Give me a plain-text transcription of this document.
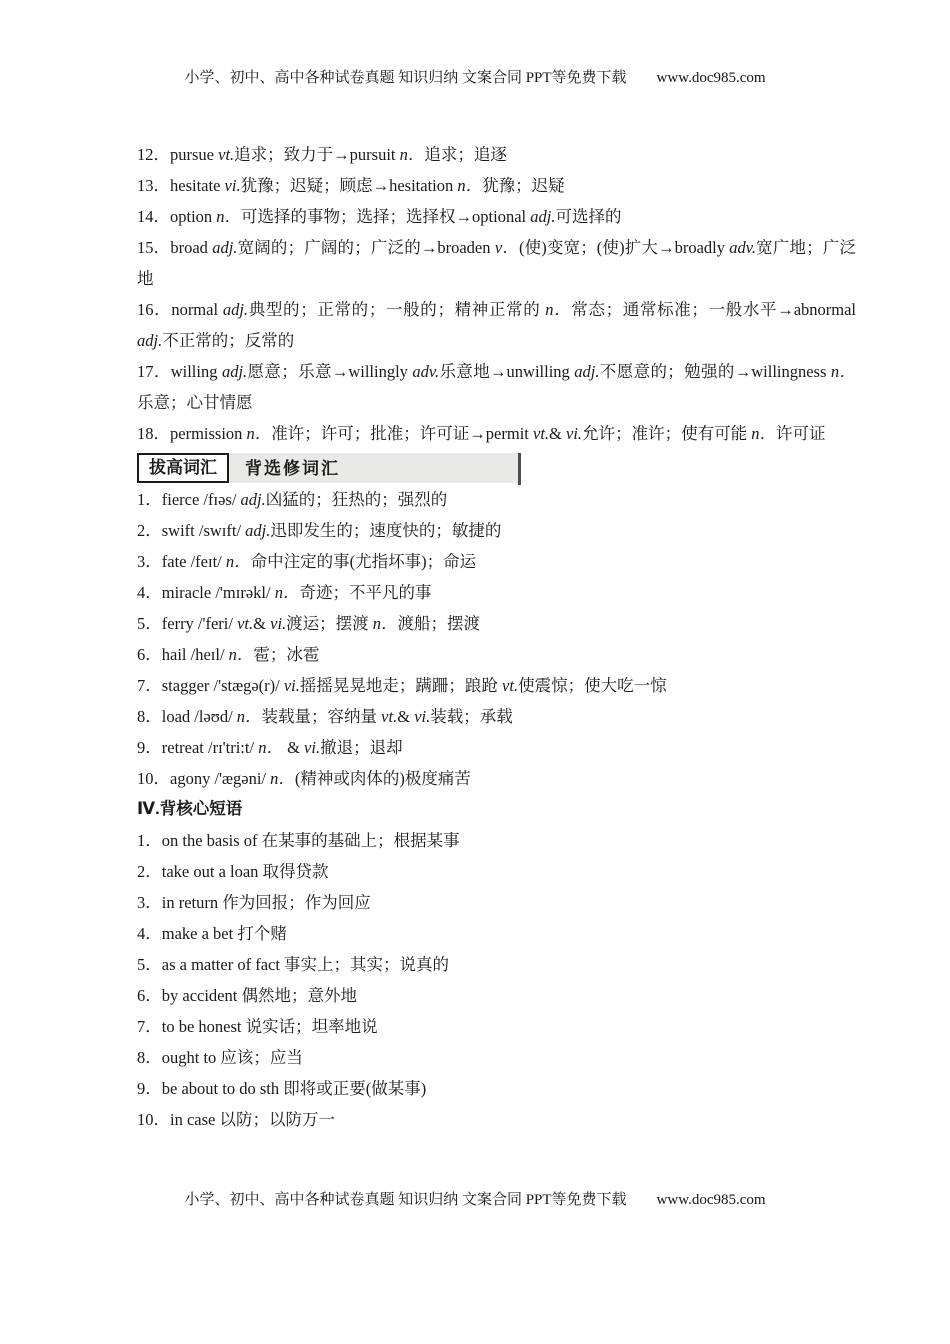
小学、初中、高中各种试卷真题 知识归纳 文案合同 PPT等免费下载 www.doc985.com

12．pursue vt.追求；致力于→pursuit n．追求；追逐

13．hesitate vi.犹豫；迟疑；顾虑→hesitation n．犹豫；迟疑

14．option n．可选择的事物；选择；选择权→optional adj.可选择的

15．broad adj.宽阔的；广阔的；广泛的→broaden v．(使)变宽；(使)扩大→broadly adv.宽广地；广泛地

16．normal adj.典型的；正常的；一般的；精神正常的 n．常态；通常标准；一般水平→abnormal adj.不正常的；反常的

17．willing adj.愿意；乐意→willingly adv.乐意地→unwilling adj.不愿意的；勉强的→willingness n．乐意；心甘情愿

18．permission n．准许；许可；批准；许可证→permit vt.& vi.允许；准许；使有可能 n．许可证

拔高词汇	背选修词汇

1．fierce /fɪəs/ adj.凶猛的；狂热的；强烈的

2．swift /swɪft/ adj.迅即发生的；速度快的；敏捷的

3．fate /feɪt/ n．命中注定的事(尤指坏事)；命运

4．miracle /'mɪrəkl/ n．奇迹；不平凡的事

5．ferry /'feri/ vt.& vi.渡运；摆渡 n．渡船；摆渡

6．hail /heɪl/ n．雹；冰雹

7．stagger /'stægə(r)/ vi.摇摇晃晃地走；蹒跚；踉跄 vt.使震惊；使大吃一惊

8．load /ləʊd/ n．装载量；容纳量 vt.& vi.装载；承载

9．retreat /rɪ'tri:t/ n． & vi.撤退；退却

10．agony /'ægəni/ n．(精神或肉体的)极度痛苦

Ⅳ.背核心短语

1．on the basis of 在某事的基础上；根据某事

2．take out a loan 取得贷款

3．in return 作为回报；作为回应

4．make a bet 打个赌

5．as a matter of fact 事实上；其实；说真的

6．by accident 偶然地；意外地

7．to be honest 说实话；坦率地说

8．ought to 应该；应当

9．be about to do sth 即将或正要(做某事)

10．in case 以防；以防万一

小学、初中、高中各种试卷真题 知识归纳 文案合同 PPT等免费下载 www.doc985.com
